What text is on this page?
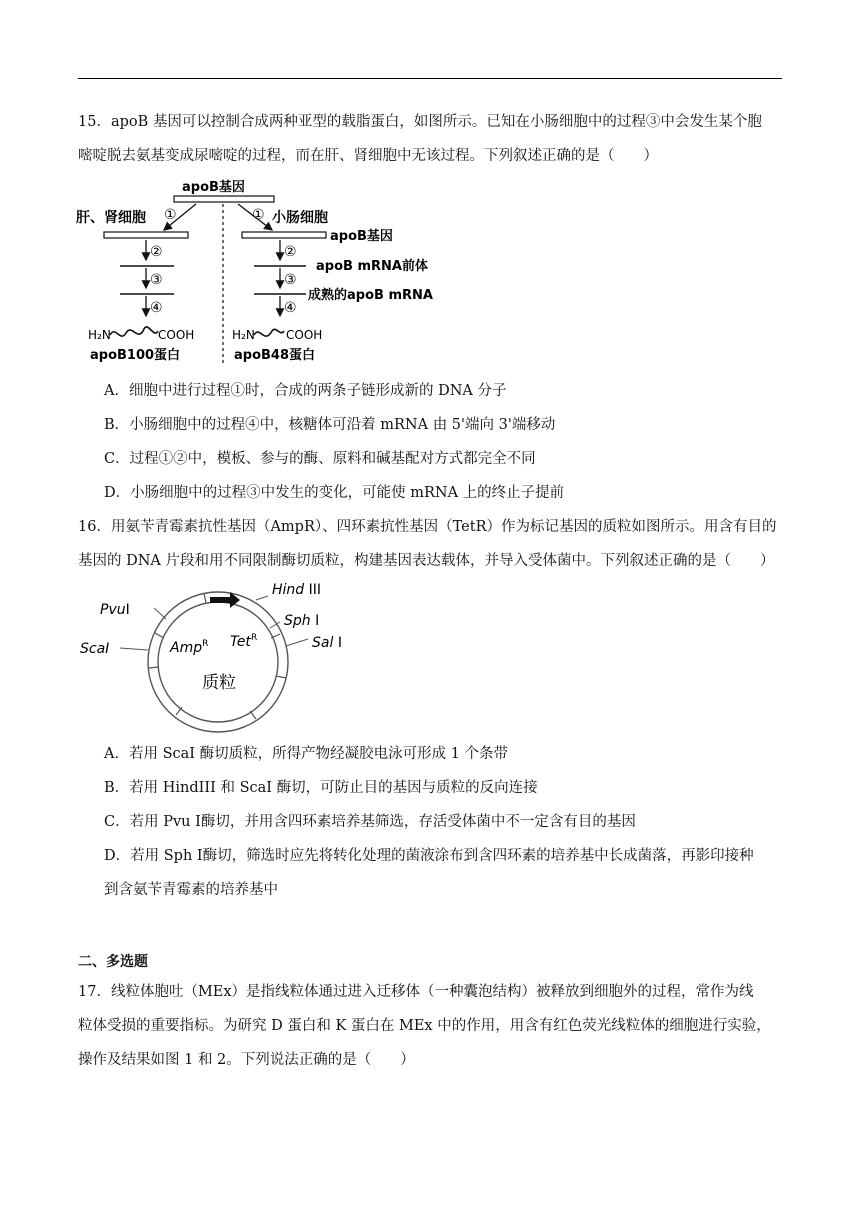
15．apoB 基因可以控制合成两种亚型的载脂蛋白，如图所示。已知在小肠细胞中的过程③中会发生某个胞
嘧啶脱去氨基变成尿嘧啶的过程，而在肝、肾细胞中无该过程。下列叙述正确的是（　　）
apoB基因
肝、肾细胞 ①	① 小肠细胞
②
③
④
H₂N	COOH
apoB100蛋白
apoB基因
②
apoB mRNA前体
③
成熟的apoB mRNA
④
H₂N	COOH
apoB48蛋白
A．细胞中进行过程①时，合成的两条子链形成新的 DNA 分子
B．小肠细胞中的过程④中，核糖体可沿着 mRNA 由 5'端向 3'端移动
C．过程①②中，模板、参与的酶、原料和碱基配对方式都完全不同
D．小肠细胞中的过程③中发生的变化，可能使 mRNA 上的终止子提前
16．用氨苄青霉素抗性基因（AmpR）、四环素抗性基因（TetR）作为标记基因的质粒如图所示。用含有目的
基因的 DNA 片段和用不同限制酶切质粒，构建基因表达载体，并导入受体菌中。下列叙述正确的是（　　）
PvuI
ScaI
Hind III
Sph I
Sal I
Amp$^R$ Tet$^R$
质粒
A．若用 ScaI 酶切质粒，所得产物经凝胶电泳可形成 1 个条带
B．若用 HindIII 和 ScaI 酶切，可防止目的基因与质粒的反向连接
C．若用 Pvu Ⅰ酶切，并用含四环素培养基筛选，存活受体菌中不一定含有目的基因
D．若用 Sph Ⅰ酶切，筛选时应先将转化处理的菌液涂布到含四环素的培养基中长成菌落，再影印接种
到含氨苄青霉素的培养基中
二、多选题
17．线粒体胞吐（MEx）是指线粒体通过进入迁移体（一种囊泡结构）被释放到细胞外的过程，常作为线
粒体受损的重要指标。为研究 D 蛋白和 K 蛋白在 MEx 中的作用，用含有红色荧光线粒体的细胞进行实验，
操作及结果如图 1 和 2。下列说法正确的是（　　）
